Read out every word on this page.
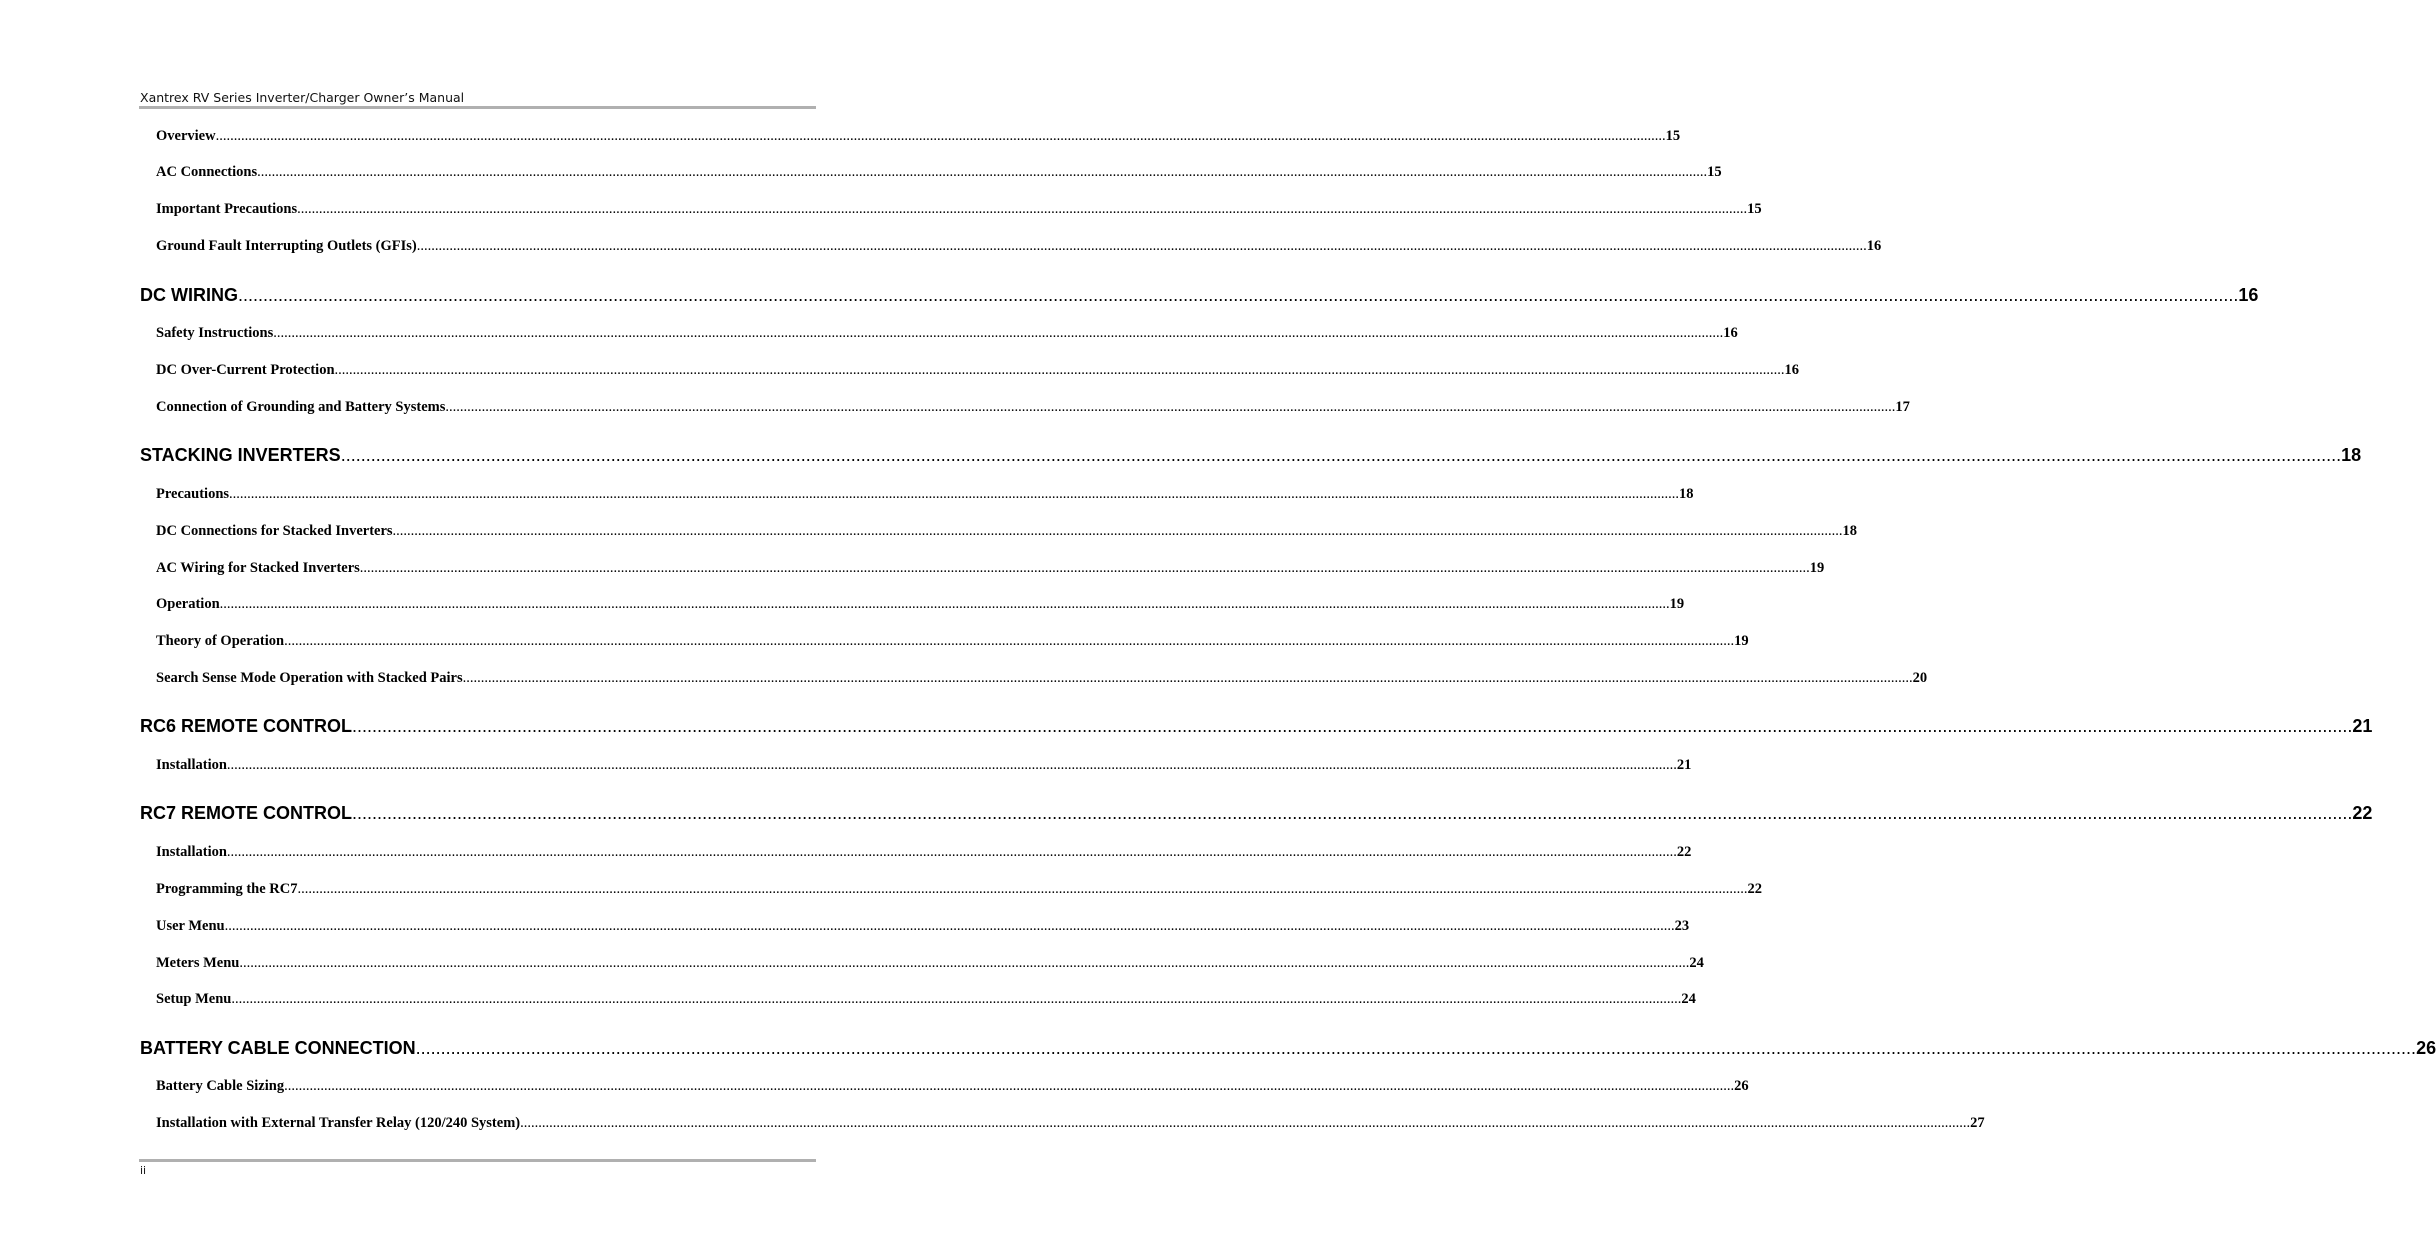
Xantrex RV Series Inverter/Charger Owner’s Manual
Overview ................................................................................................................................................................................................................................................................................................................................................................................................................ 15
AC Connections ................................................................................................................................................................................................................................................................................................................................................................................................................ 15
Important Precautions ................................................................................................................................................................................................................................................................................................................................................................................................................ 15
Ground Fault Interrupting Outlets (GFIs) ................................................................................................................................................................................................................................................................................................................................................................................................................ 16
DC WIRING ................................................................................................................................................................................................................................................................................................................................................................................................................ 16
Safety Instructions ................................................................................................................................................................................................................................................................................................................................................................................................................ 16
DC Over-Current Protection ................................................................................................................................................................................................................................................................................................................................................................................................................ 16
Connection of Grounding and Battery Systems ................................................................................................................................................................................................................................................................................................................................................................................................................ 17
STACKING INVERTERS ................................................................................................................................................................................................................................................................................................................................................................................................................ 18
Precautions ................................................................................................................................................................................................................................................................................................................................................................................................................ 18
DC Connections for Stacked Inverters ................................................................................................................................................................................................................................................................................................................................................................................................................ 18
AC Wiring for Stacked Inverters ................................................................................................................................................................................................................................................................................................................................................................................................................ 19
Operation ................................................................................................................................................................................................................................................................................................................................................................................................................ 19
Theory of Operation ................................................................................................................................................................................................................................................................................................................................................................................................................ 19
Search Sense Mode Operation with Stacked Pairs ................................................................................................................................................................................................................................................................................................................................................................................................................ 20
RC6 REMOTE CONTROL ................................................................................................................................................................................................................................................................................................................................................................................................................ 21
Installation ................................................................................................................................................................................................................................................................................................................................................................................................................ 21
RC7 REMOTE CONTROL ................................................................................................................................................................................................................................................................................................................................................................................................................ 22
Installation ................................................................................................................................................................................................................................................................................................................................................................................................................ 22
Programming the RC7 ................................................................................................................................................................................................................................................................................................................................................................................................................ 22
User Menu ................................................................................................................................................................................................................................................................................................................................................................................................................ 23
Meters Menu ................................................................................................................................................................................................................................................................................................................................................................................................................ 24
Setup Menu ................................................................................................................................................................................................................................................................................................................................................................................................................ 24
BATTERY CABLE CONNECTION ................................................................................................................................................................................................................................................................................................................................................................................................................ 26
Battery Cable Sizing ................................................................................................................................................................................................................................................................................................................................................................................................................ 26
Installation with External Transfer Relay (120/240 System) ................................................................................................................................................................................................................................................................................................................................................................................................................ 27
ii
